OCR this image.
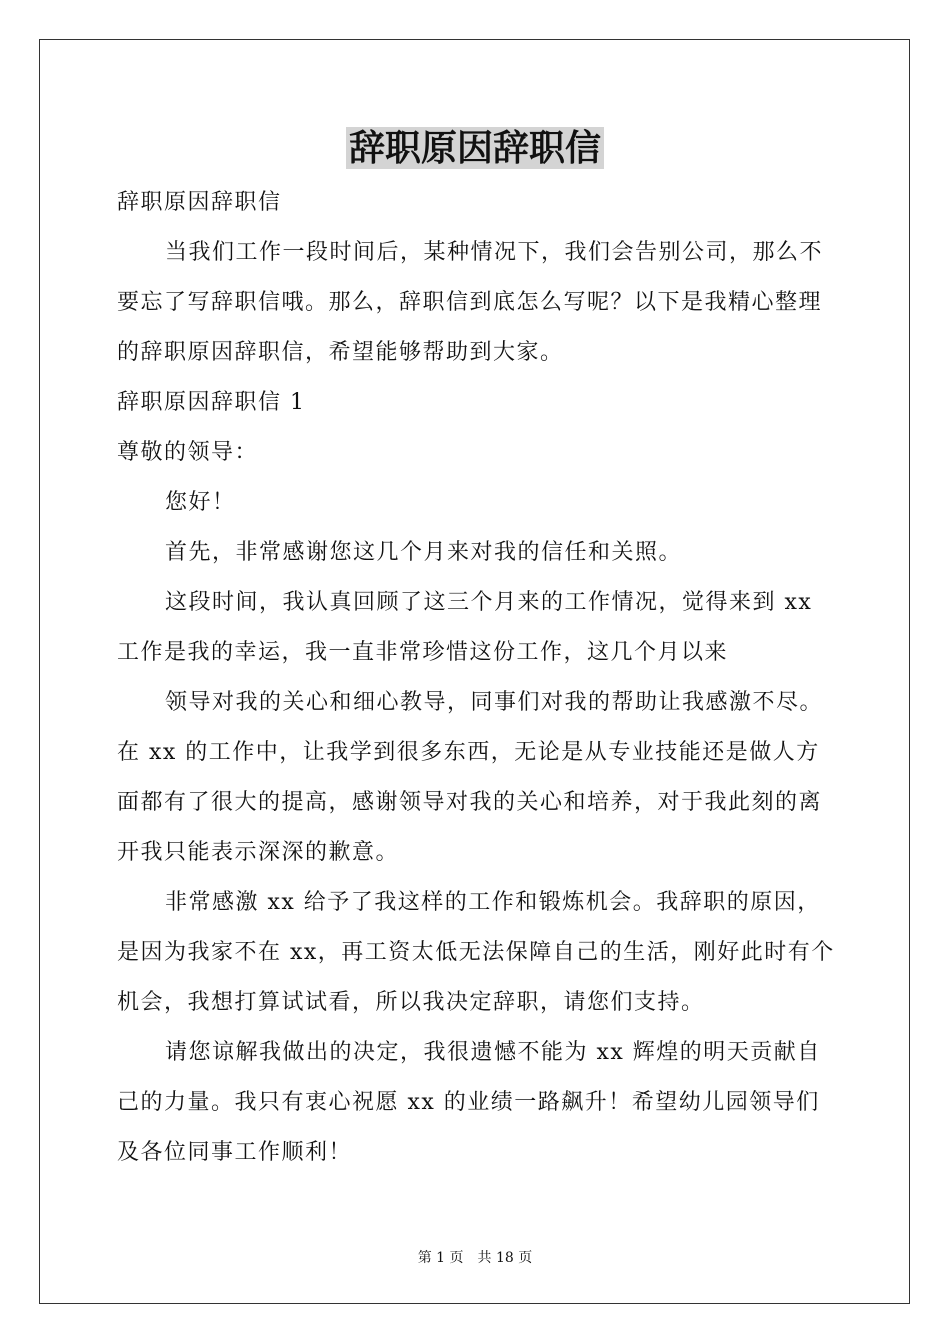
辞职原因辞职信

辞职原因辞职信

当我们工作一段时间后，某种情况下，我们会告别公司，那么不要忘了写辞职信哦。那么，辞职信到底怎么写呢？以下是我精心整理的辞职原因辞职信，希望能够帮助到大家。

辞职原因辞职信 1

尊敬的领导：

您好！

首先，非常感谢您这几个月来对我的信任和关照。

这段时间，我认真回顾了这三个月来的工作情况，觉得来到 xx 工作是我的幸运，我一直非常珍惜这份工作，这几个月以来

领导对我的关心和细心教导，同事们对我的帮助让我感激不尽。在 xx 的工作中，让我学到很多东西，无论是从专业技能还是做人方面都有了很大的提高，感谢领导对我的关心和培养，对于我此刻的离开我只能表示深深的歉意。

非常感激 xx 给予了我这样的工作和锻炼机会。我辞职的原因，是因为我家不在 xx，再工资太低无法保障自己的生活，刚好此时有个机会，我想打算试试看，所以我决定辞职，请您们支持。

请您谅解我做出的决定，我很遗憾不能为 xx 辉煌的明天贡献自己的力量。我只有衷心祝愿 xx 的业绩一路飙升！希望幼儿园领导们及各位同事工作顺利！

第 1 页　共 18 页
